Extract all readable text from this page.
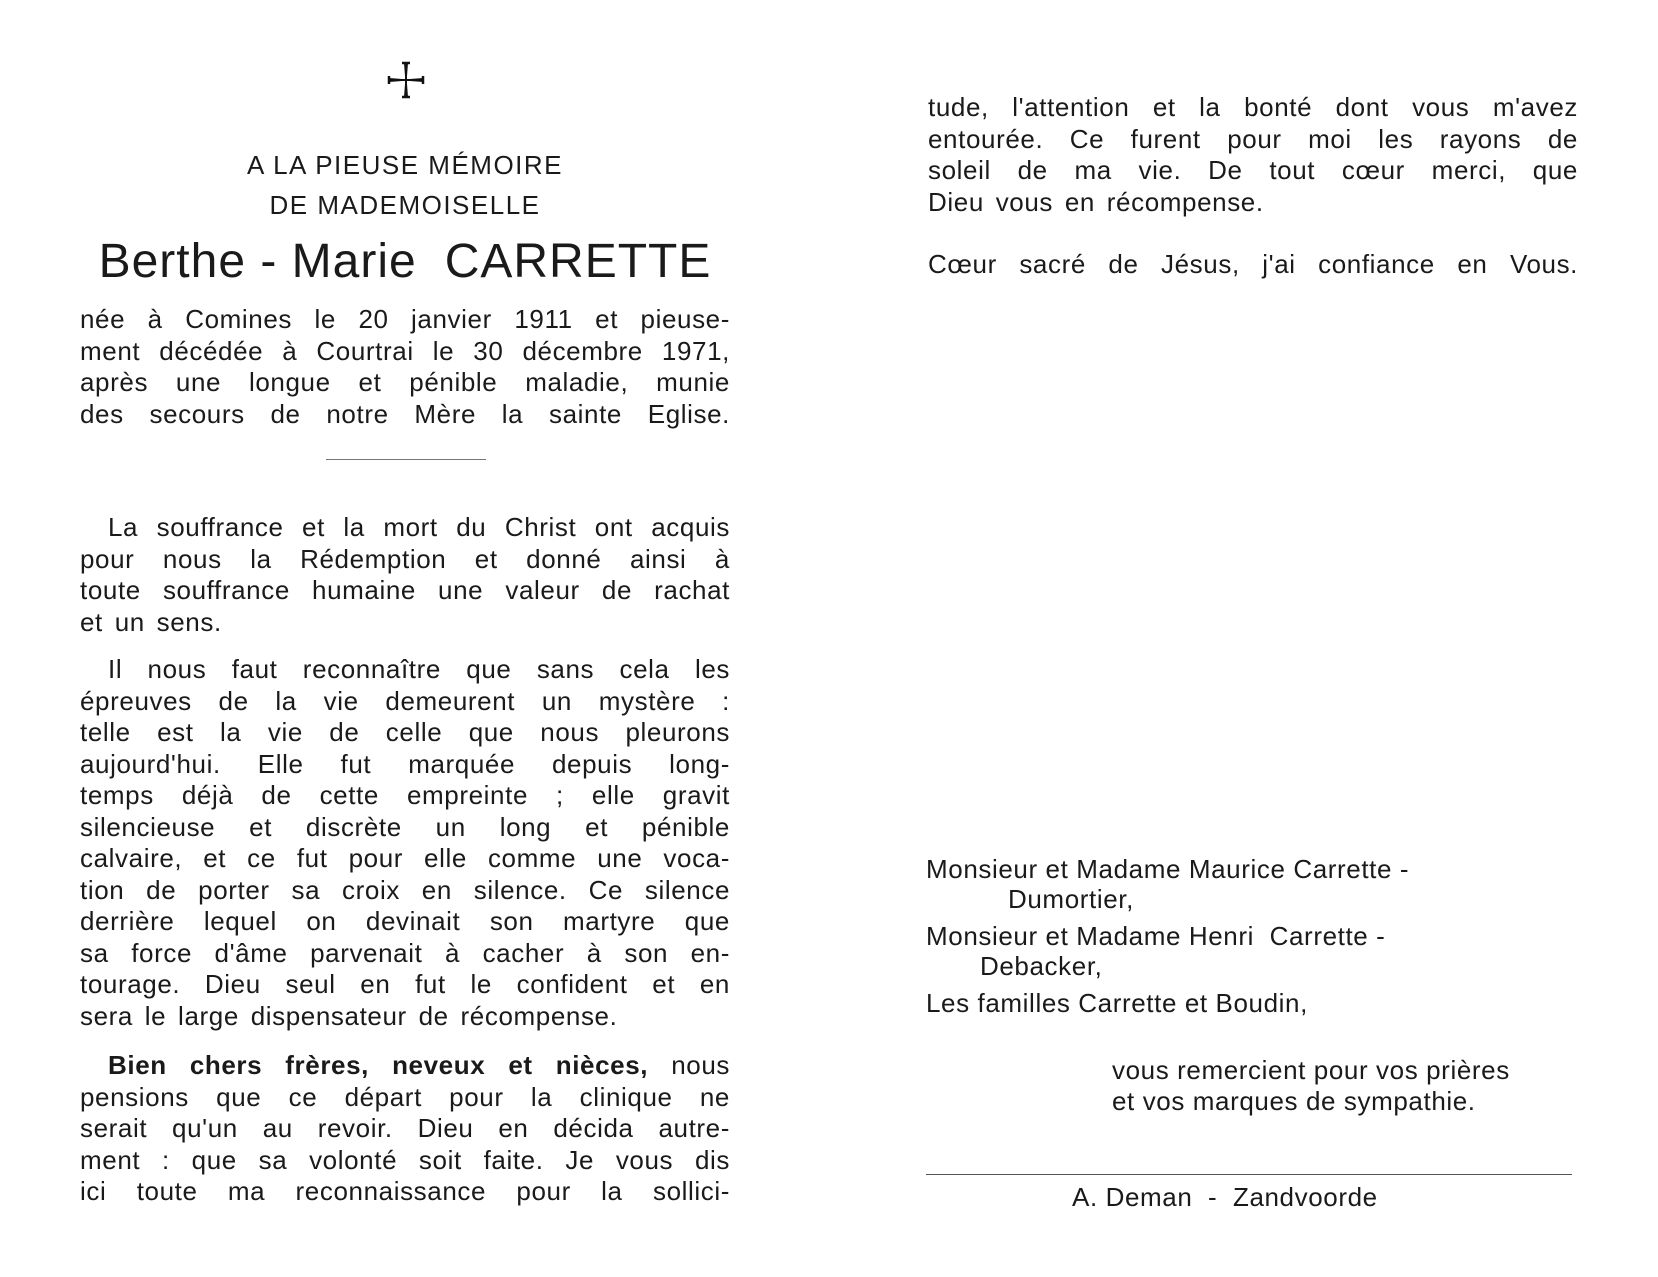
A LA PIEUSE MÉMOIRE
DE MADEMOISELLE
Berthe - Marie CARRETTE
née à Comines le 20 janvier 1911 et pieuse-
ment décédée à Courtrai le 30 décembre 1971,
après une longue et pénible maladie, munie
des secours de notre Mère la sainte Eglise.
La souffrance et la mort du Christ ont acquis
pour nous la Rédemption et donné ainsi à
toute souffrance humaine une valeur de rachat
et un sens.
Il nous faut reconnaître que sans cela les
épreuves de la vie demeurent un mystère :
telle est la vie de celle que nous pleurons
aujourd'hui. Elle fut marquée depuis long-
temps déjà de cette empreinte ; elle gravit
silencieuse et discrète un long et pénible
calvaire, et ce fut pour elle comme une voca-
tion de porter sa croix en silence. Ce silence
derrière lequel on devinait son martyre que
sa force d'âme parvenait à cacher à son en-
tourage. Dieu seul en fut le confident et en
sera le large dispensateur de récompense.
Bien chers frères, neveux et nièces, nous
pensions que ce départ pour la clinique ne
serait qu'un au revoir. Dieu en décida autre-
ment : que sa volonté soit faite. Je vous dis
ici toute ma reconnaissance pour la sollici-
tude, l'attention et la bonté dont vous m'avez
entourée. Ce furent pour moi les rayons de
soleil de ma vie. De tout cœur merci, que
Dieu vous en récompense.
Cœur sacré de Jésus, j'ai confiance en Vous.
Monsieur et Madame Maurice Carrette -
Dumortier,
Monsieur et Madame Henri  Carrette -
Debacker,
Les familles Carrette et Boudin,
vous remercient pour vos prières
et vos marques de sympathie.
A. Deman  -  Zandvoorde
